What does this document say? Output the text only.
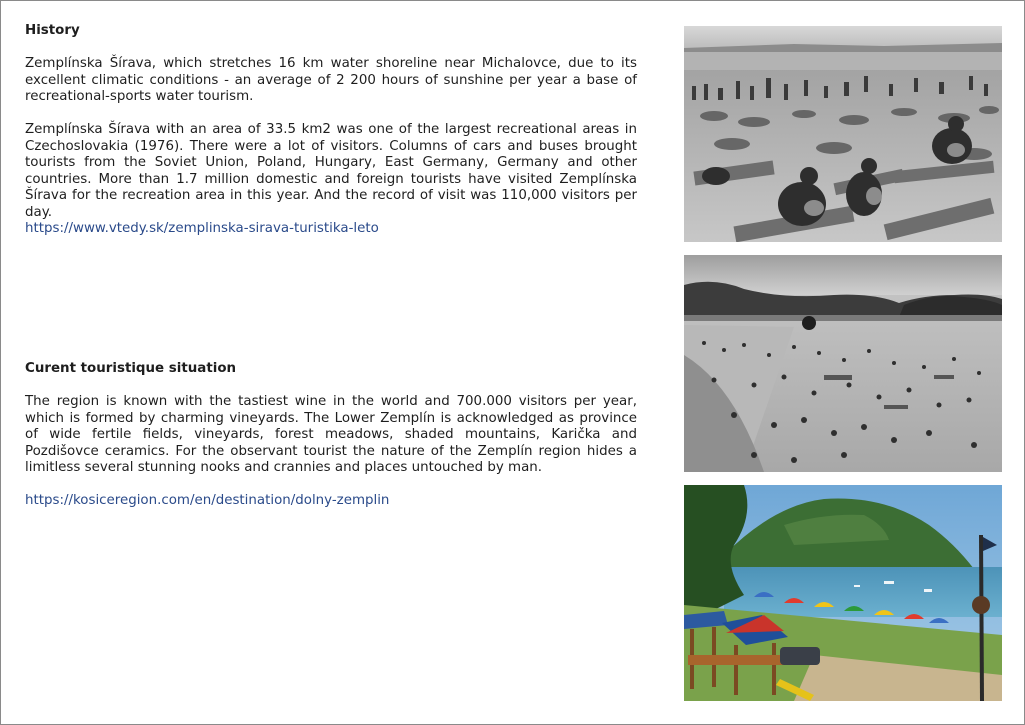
History

Zemplínska Šírava, which stretches 16 km water shoreline near Michalovce, due to its excellent climatic conditions - an average of 2 200 hours of sunshine per year a base of recreational-sports water tourism.

Zemplínska Šírava with an area of 33.5 km2 was one of the largest recreational areas in Czechoslovakia (1976). There were a lot of visitors. Columns of cars and buses brought tourists from the Soviet Union, Poland, Hungary, East Germany, Germany and other countries. More than 1.7 million domestic and foreign tourists have visited Zemplínska Šírava for the recreation area in this year. And the record of visit was 110,000 visitors per day.

https://www.vtedy.sk/zemplinska-sirava-turistika-leto
Curent touristique situation

The region is known with the tastiest wine in the world and 700.000 visitors per year, which is formed by charming vineyards. The Lower Zemplín is acknowledged as province of wide fertile fields, vineyards, forest meadows, shaded mountains, Karička and Pozdišovce ceramics. For the observant tourist the nature of the Zemplín region hides a limitless several stunning nooks and crannies and places untouched by man.

https://kosiceregion.com/en/destination/dolny-zemplin
